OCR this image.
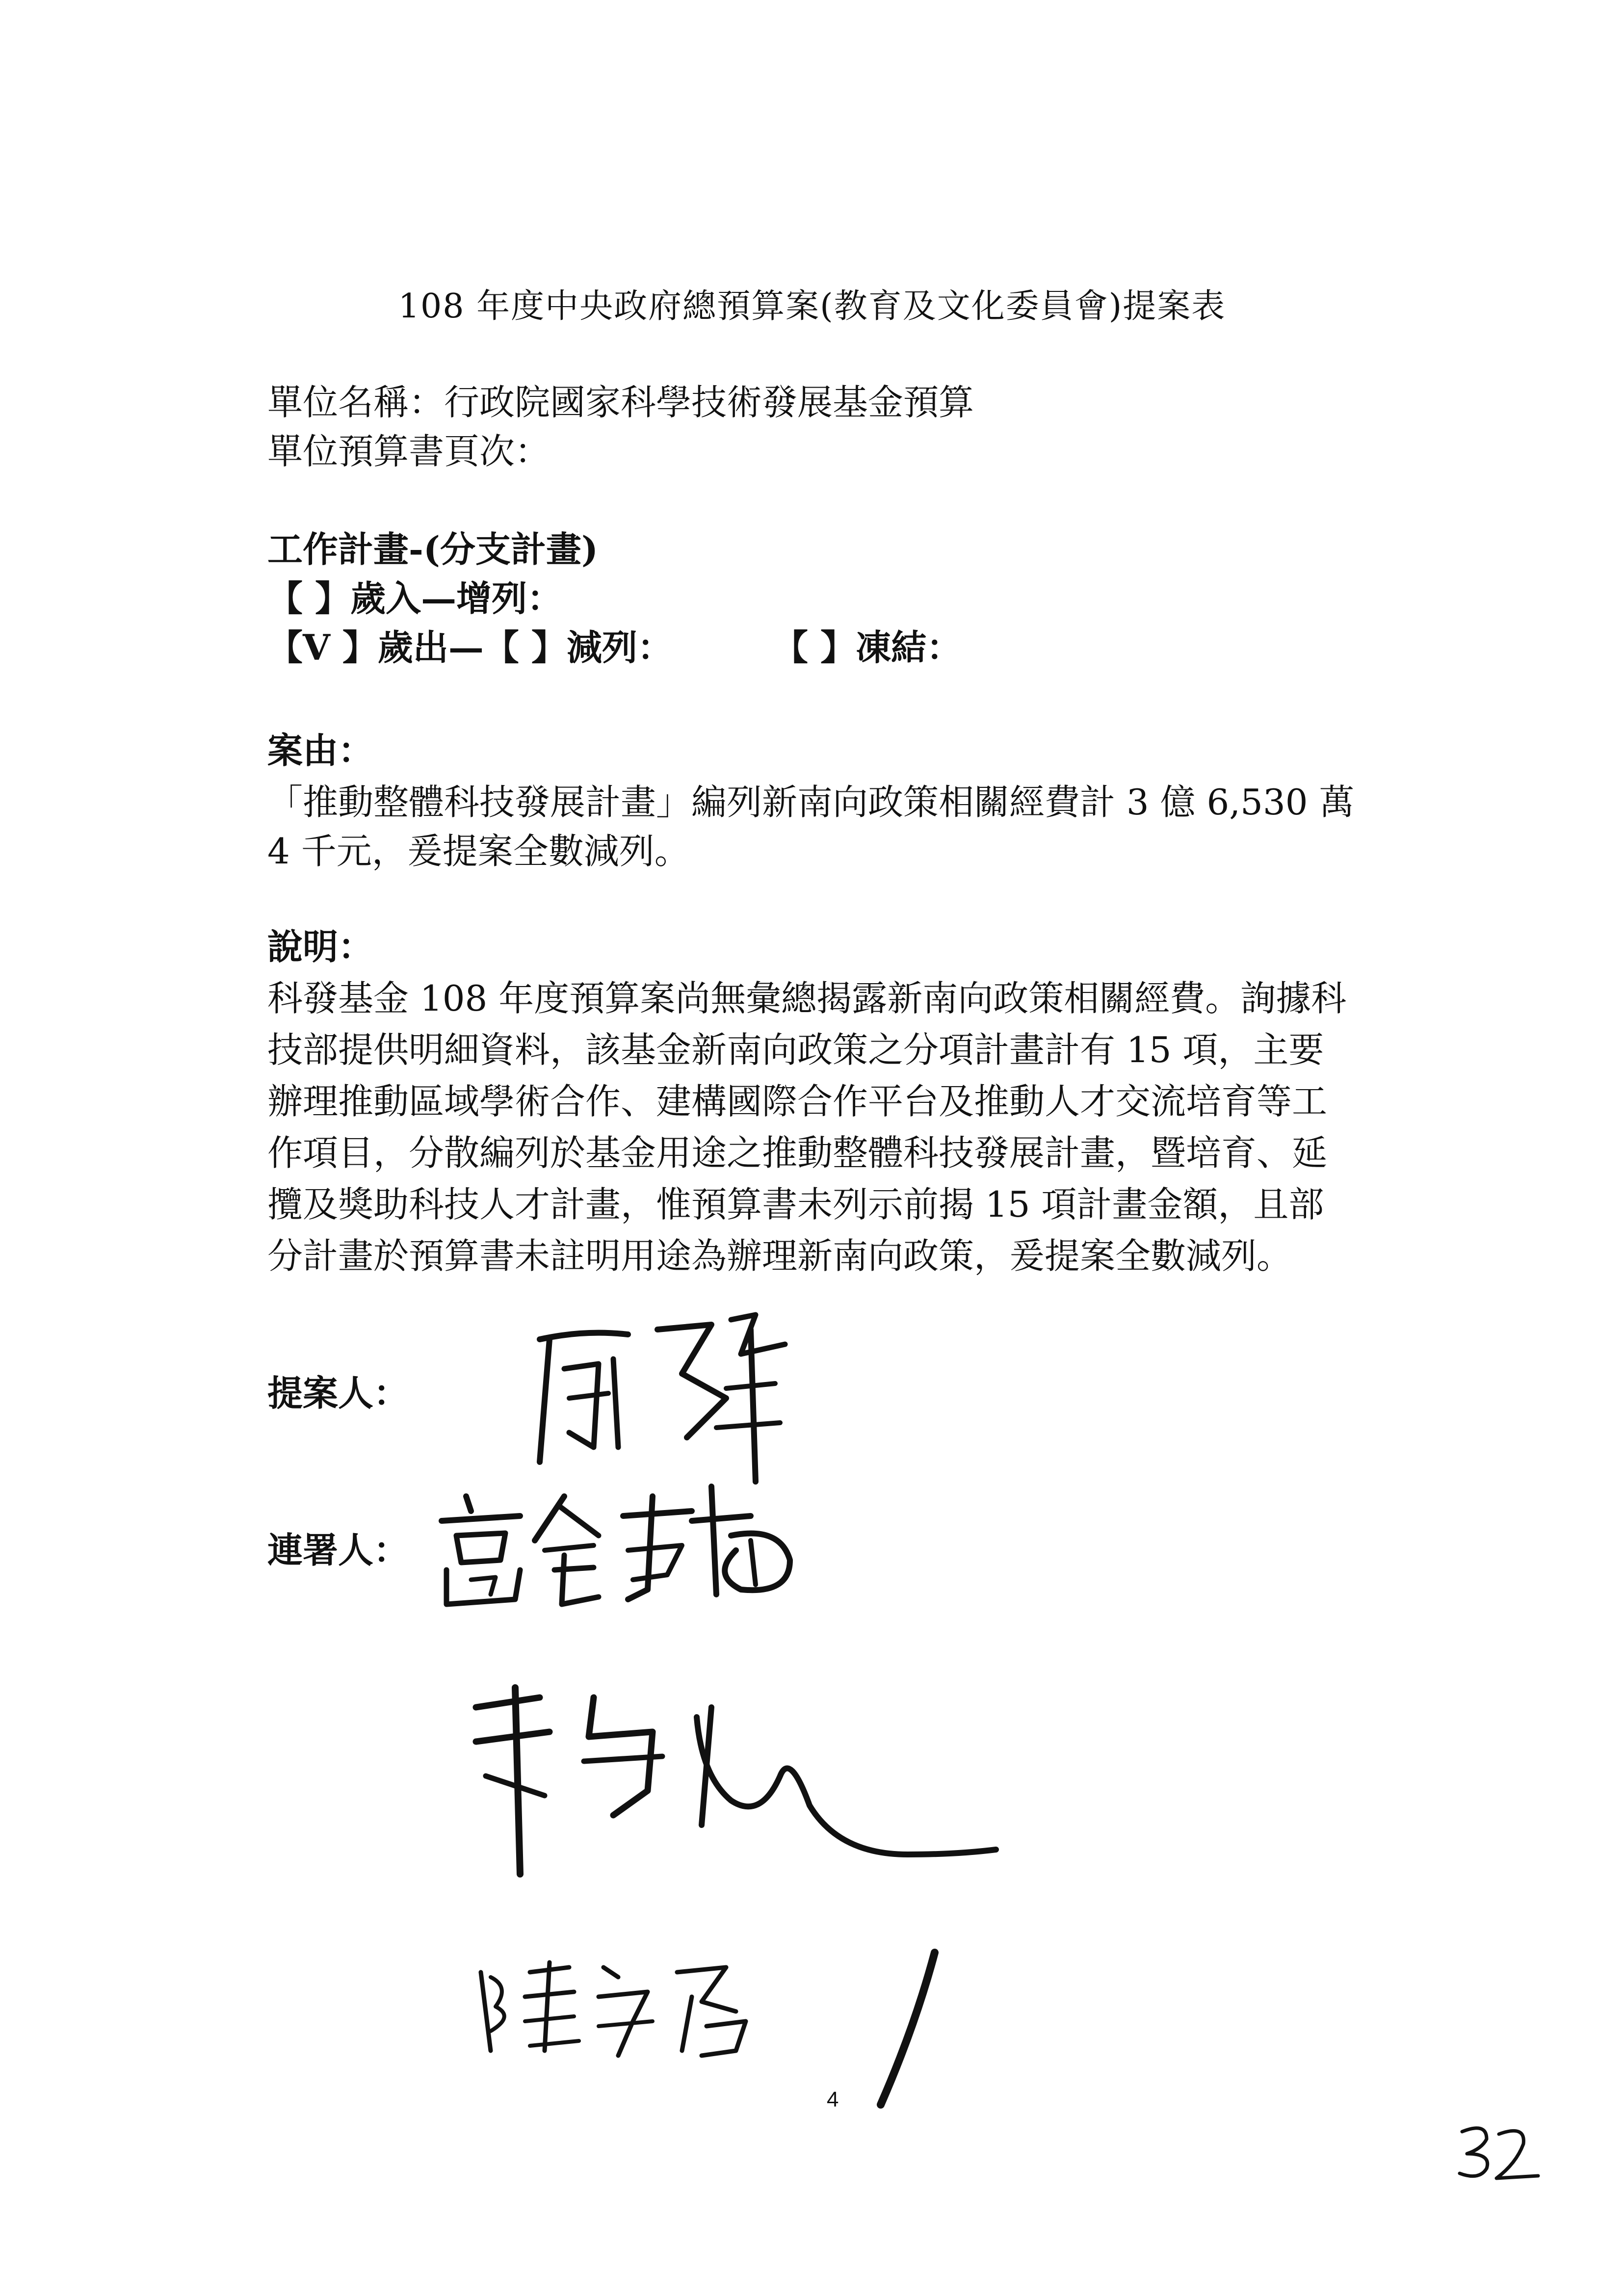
108 年度中央政府總預算案(教育及文化委員會)提案表
單位名稱：行政院國家科學技術發展基金預算
單位預算書頁次：
工作計畫-(分支計畫)
【 】歲入—增列：
【V 】歲出—【 】減列：	【 】凍結：
案由：
「推動整體科技發展計畫」編列新南向政策相關經費計 3 億 6,530 萬
4 千元，爰提案全數減列。
說明：
科發基金 108 年度預算案尚無彙總揭露新南向政策相關經費。詢據科
技部提供明細資料，該基金新南向政策之分項計畫計有 15 項，主要
辦理推動區域學術合作、建構國際合作平台及推動人才交流培育等工
作項目，分散編列於基金用途之推動整體科技發展計畫，暨培育、延
攬及獎助科技人才計畫，惟預算書未列示前揭 15 項計畫金額，且部
分計畫於預算書未註明用途為辦理新南向政策，爰提案全數減列。
提案人：
連署人：
4
